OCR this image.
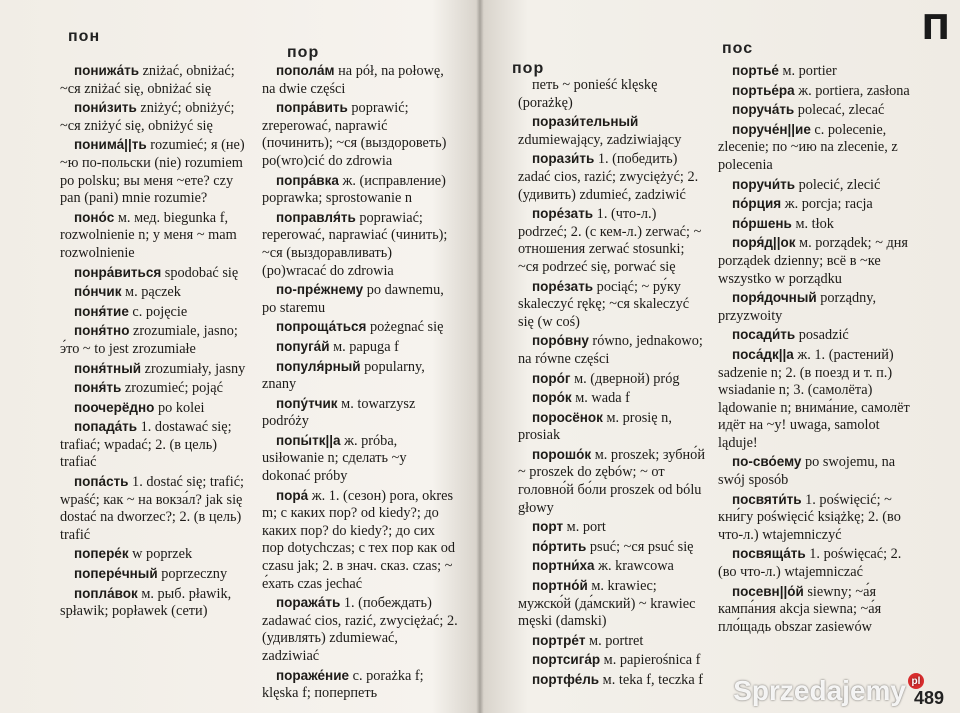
пон
пор

понижа́ть zniżać, obniżać; ~ся zniżać się, obniżać się

пони́зить zniżyć; obniżyć; ~ся zniżyć się, obniżyć się

понима́||ть rozumieć; я (не) ~ю по-польски (nie) rozumiem po polsku; вы меня ~ете? czy pan (pani) mnie rozumie?

поно́с м. мед. biegunka f, rozwolnienie n; у меня ~ mam rozwolnienie

понра́виться spodobać się

по́нчик м. pączek

поня́тие с. pojęcie

поня́тно zrozumiale, jasno; э́то ~ to jest zrozumiałe

поня́тный zrozumiały, jasny

поня́ть zrozumieć; pojąć

поочерёдно po kolei

попада́ть 1. dostawać się; trafiać; wpadać; 2. (в цель) trafiać

попа́сть 1. dostać się; trafić; wpaść; как ~ на вокза́л? jak się dostać na dworzec?; 2. (в цель) trafić

попере́к w poprzek

попере́чный poprzeczny

попла́вок м. рыб. pławik, spławik; popławek (сети)

попола́м на pół, na połowę, na dwie części

попра́вить poprawić; zreperować, naprawić (починить); ~ся (выздороветь) po(wro)cić do zdrowia

попра́вка ж. (исправление) poprawka; sprostowanie n

поправля́ть poprawiać; reperować, naprawiać (чинить); ~ся (выздоравливать) (po)wracać do zdrowia

по-пре́жнему po dawnemu, po staremu

попроща́ться pożegnać się

попуга́й м. papuga f

популя́рный popularny, znany

попу́тчик м. towarzysz podróży

попы́тк||а ж. próba, usiłowanie n; сделать ~у dokonać próby

пора́ ж. 1. (сезон) pora, okres m; с каких пор? od kiedy?; до каких пор? do kiedy?; до сих пор dotychczas; с тех пор как od czasu jak; 2. в знач. сказ. czas; ~ е́хать czas jechać

поража́ть 1. (побеждать) zadawać cios, razić, zwyciężać; 2. (удивлять) zdumiewać, zadziwiać

пораже́ние с. porażka f; klęska f; поперпеть

пор
пос
П

петь ~ ponieść klęskę (porażkę)

порази́тельный zdumiewający, zadziwiający

порази́ть 1. (победить) zadać cios, razić; zwyciężyć; 2. (удивить) zdumieć, zadziwić

поре́зать 1. (что-л.) podrzeć; 2. (с кем-л.) zerwać; ~ отношения zerwać stosunki; ~ся podrzeć się, porwać się

поре́зать pociąć; ~ ру́ку skaleczyć rękę; ~ся skaleczyć się (w coś)

поро́вну równo, jednakowo; na równe części

поро́г м. (дверной) próg

поро́к м. wada f

поросёнок м. prosię n, prosiak

порошо́к м. proszek; зубно́й ~ proszek do zębów; ~ от головно́й бо́ли proszek od bólu głowy

порт м. port

по́ртить psuć; ~ся psuć się

портни́ха ж. krawcowa

портно́й м. krawiec; мужско́й (да́мский) ~ krawiec męski (damski)

портре́т м. portret

портсига́р м. papierośnica f

портфе́ль м. teka f, teczka f

портье́ м. portier

портье́ра ж. portiera, zasłona

поруча́ть polecać, zlecać

поруче́н||ие с. polecenie, zlecenie; по ~ию na zlecenie, z polecenia

поручи́ть polecić, zlecić

по́рция ж. porcja; racja

по́ршень м. tłok

поря́д||ок м. porządek; ~ дня porządek dzienny; всё в ~ке wszystko w porządku

поря́дочный porządny, przyzwoity

посади́ть posadzić

поса́дк||а ж. 1. (растений) sadzenie n; 2. (в поезд и т. п.) wsiadanie n; 3. (самолёта) lądowanie n; внима́ние, самолёт идёт на ~у! uwaga, samolot ląduje!

по-сво́ему po swojemu, na swój sposób

посвяти́ть 1. poświęcić; ~ кни́гу poświęcić książkę; 2. (во что-л.) wtajemniczyć

посвяща́ть 1. poświęcać; 2. (во что-л.) wtajemniczać

посевн||о́й siewny; ~а́я кампа́ния akcja siewna; ~а́я пло́щадь obszar zasiewów

489
Sprzedajemy pl
